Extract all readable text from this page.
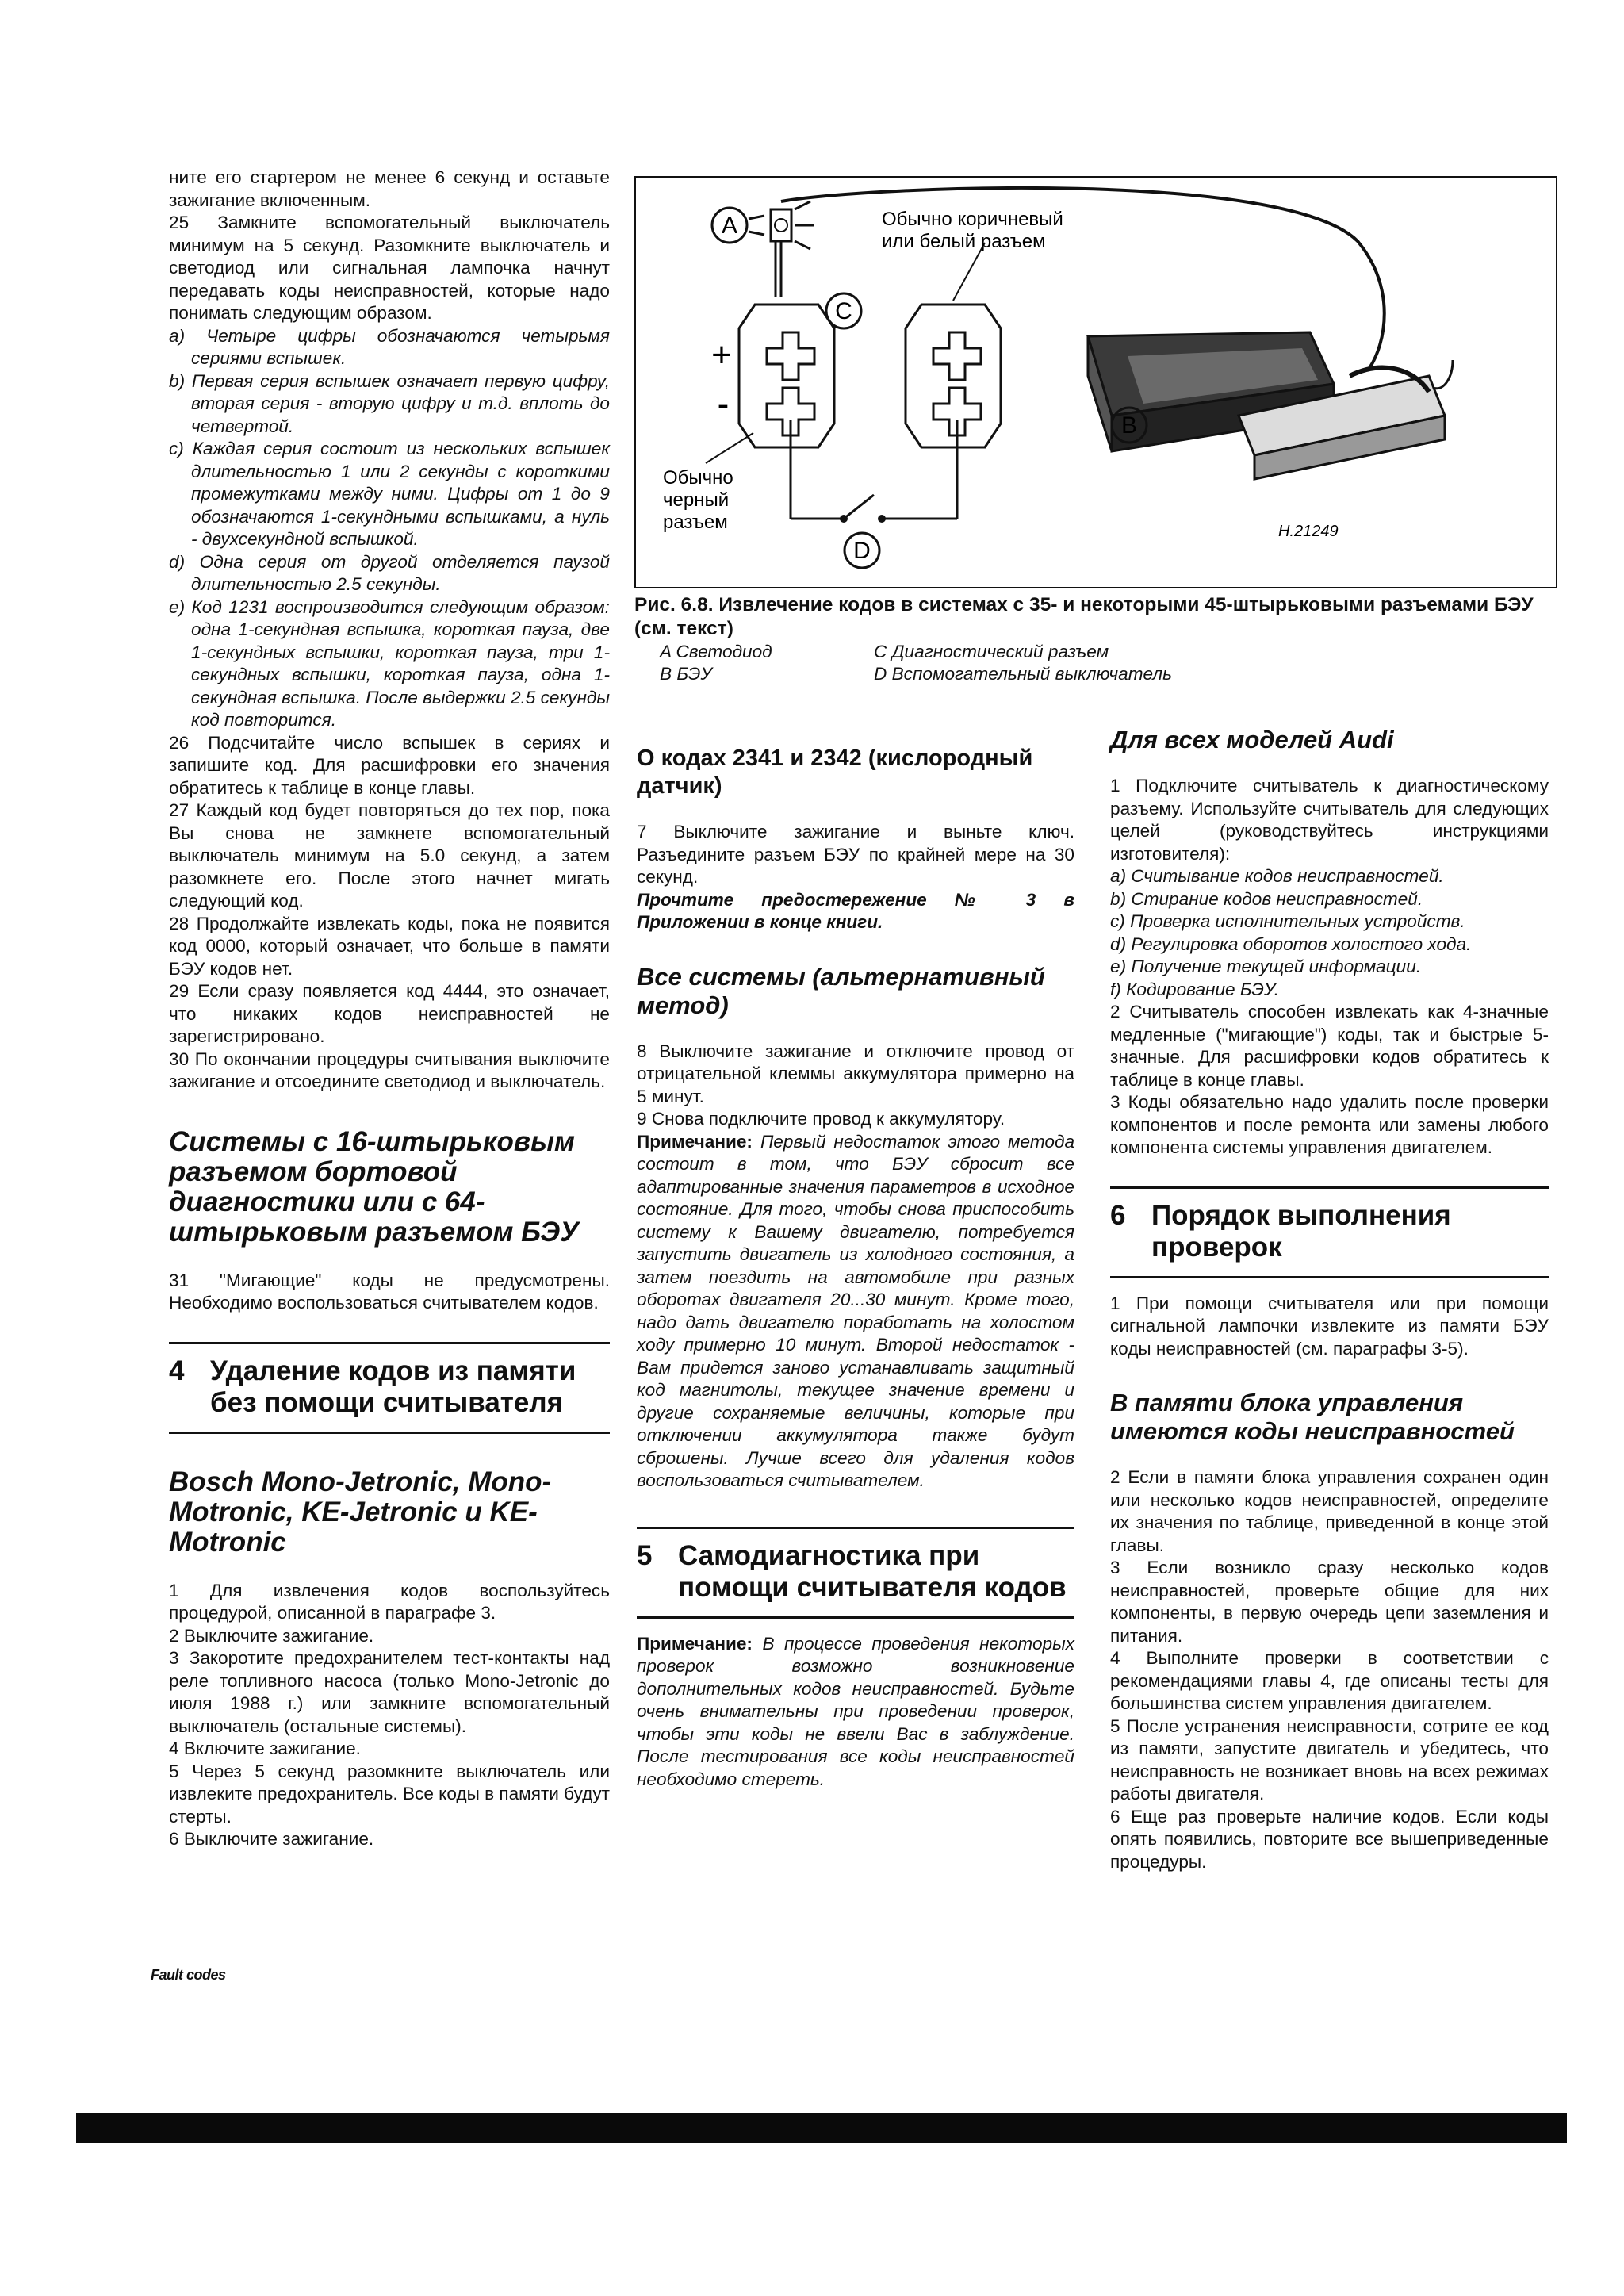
ните его стартером не менее 6 секунд и оставьте зажигание включенным.

25 Замкните вспомогательный выключатель минимум на 5 секунд. Разомкните выключатель и светодиод или сигнальная лампочка начнут передавать коды неисправностей, которые надо понимать следующим образом.

a) Четыре цифры обозначаются четырьмя сериями вспышек.

b) Первая серия вспышек означает первую цифру, вторая серия - вторую цифру и т.д. вплоть до четвертой.

c) Каждая серия состоит из нескольких вспышек длительностью 1 или 2 секунды с короткими промежутками между ними. Цифры от 1 до 9 обозначаются 1-секундными вспышками, а нуль - двухсекундной вспышкой.

d) Одна серия от другой отделяется паузой длительностью 2.5 секунды.

e) Код 1231 воспроизводится следующим образом: одна 1-секундная вспышка, короткая пауза, две 1-секундных вспышки, короткая пауза, три 1-секундных вспышки, короткая пауза, одна 1-секундная вспышка. После выдержки 2.5 секунды код повторится.

26 Подсчитайте число вспышек в сериях и запишите код. Для расшифровки его значения обратитесь к таблице в конце главы.

27 Каждый код будет повторяться до тех пор, пока Вы снова не замкнете вспомогательный выключатель минимум на 5.0 секунд, а затем разомкнете его. После этого начнет мигать следующий код.

28 Продолжайте извлекать коды, пока не появится код 0000, который означает, что больше в памяти БЭУ кодов нет.

29 Если сразу появляется код 4444, это означает, что никаких кодов неисправностей не зарегистрировано.

30 По окончании процедуры считывания выключите зажигание и отсоедините светодиод и выключатель.

Системы с 16-штырьковым разъемом бортовой диагностики или с 64-штырьковым разъемом БЭУ

31 "Мигающие" коды не предусмотрены. Необходимо воспользоваться считывателем кодов.

4 Удаление кодов из памяти без помощи считывателя
Bosch Mono-Jetronic, Mono-Motronic, KE-Jetronic и KE-Motronic

1 Для извлечения кодов воспользуйтесь процедурой, описанной в параграфе 3.

2 Выключите зажигание.

3 Закоротите предохранителем тест-контакты над реле топливного насоса (только Mono-Jetronic до июля 1988 г.) или замкните вспомогательный выключатель (остальные системы).

4 Включите зажигание.

5 Через 5 секунд разомкните выключатель или извлеките предохранитель. Все коды в памяти будут стерты.

6 Выключите зажигание.

A
C
+
-
D
Обычно коричневый или белый разъем
Обычно
черный
разъем
B
H.21249

Рис. 6.8. Извлечение кодов в системах с 35- и некоторыми 45-штырьковыми разъемами БЭУ (см. текст)

A Светодиод	C Диагностический разъем
B БЭУ	D Вспомогательный выключатель
О кодах 2341 и 2342 (кислородный датчик)

7 Выключите зажигание и выньте ключ. Разъедините разъем БЭУ по крайней мере на 30 секунд.

Прочтите предостережение № 3 в Приложении в конце книги.

Все системы (альтернативный метод)

8 Выключите зажигание и отключите провод от отрицательной клеммы аккумулятора примерно на 5 минут.

9 Снова подключите провод к аккумулятору.

Примечание: Первый недостаток этого метода состоит в том, что БЭУ сбросит все адаптированные значения параметров в исходное состояние. Для того, чтобы снова приспособить систему к Вашему двигателю, потребуется запустить двигатель из холодного состояния, а затем поездить на автомобиле при разных оборотах двигателя 20...30 минут. Кроме того, надо дать двигателю поработать на холостом ходу примерно 10 минут. Второй недостаток - Вам придется заново устанавливать защитный код магнитолы, текущее значение времени и другие сохраняемые величины, которые при отключении аккумулятора также будут сброшены. Лучше всего для удаления кодов воспользоваться считывателем.

5 Самодиагностика при помощи считывателя кодов

Примечание: В процессе проведения некоторых проверок возможно возникновение дополнительных кодов неисправностей. Будьте очень внимательны при проведении проверок, чтобы эти коды не ввели Вас в заблуждение. После тестирования все коды неисправностей необходимо стереть.

Для всех моделей Audi

1 Подключите считыватель к диагностическому разъему. Используйте считыватель для следующих целей (руководствуйтесь инструкциями изготовителя):

a) Считывание кодов неисправностей.

b) Стирание кодов неисправностей.

c) Проверка исполнительных устройств.

d) Регулировка оборотов холостого хода.

e) Получение текущей информации.

f) Кодирование БЭУ.

2 Считыватель способен извлекать как 4-значные медленные ("мигающие") коды, так и быстрые 5-значные. Для расшифровки кодов обратитесь к таблице в конце главы.

3 Коды обязательно надо удалить после проверки компонентов и после ремонта или замены любого компонента системы управления двигателем.

6 Порядок выполнения проверок

1 При помощи считывателя или при помощи сигнальной лампочки извлеките из памяти БЭУ коды неисправностей (см. параграфы 3-5).

В памяти блока управления имеются коды неисправностей

2 Если в памяти блока управления сохранен один или несколько кодов неисправностей, определите их значения по таблице, приведенной в конце этой главы.

3 Если возникло сразу несколько кодов неисправностей, проверьте общие для них компоненты, в первую очередь цепи заземления и питания.

4 Выполните проверки в соответствии с рекомендациями главы 4, где описаны тесты для большинства систем управления двигателем.

5 После устранения неисправности, сотрите ее код из памяти, запустите двигатель и убедитесь, что неисправность не возникает вновь на всех режимах работы двигателя.

6 Еще раз проверьте наличие кодов. Если коды опять появились, повторите все вышеприведенные процедуры.

Fault codes
